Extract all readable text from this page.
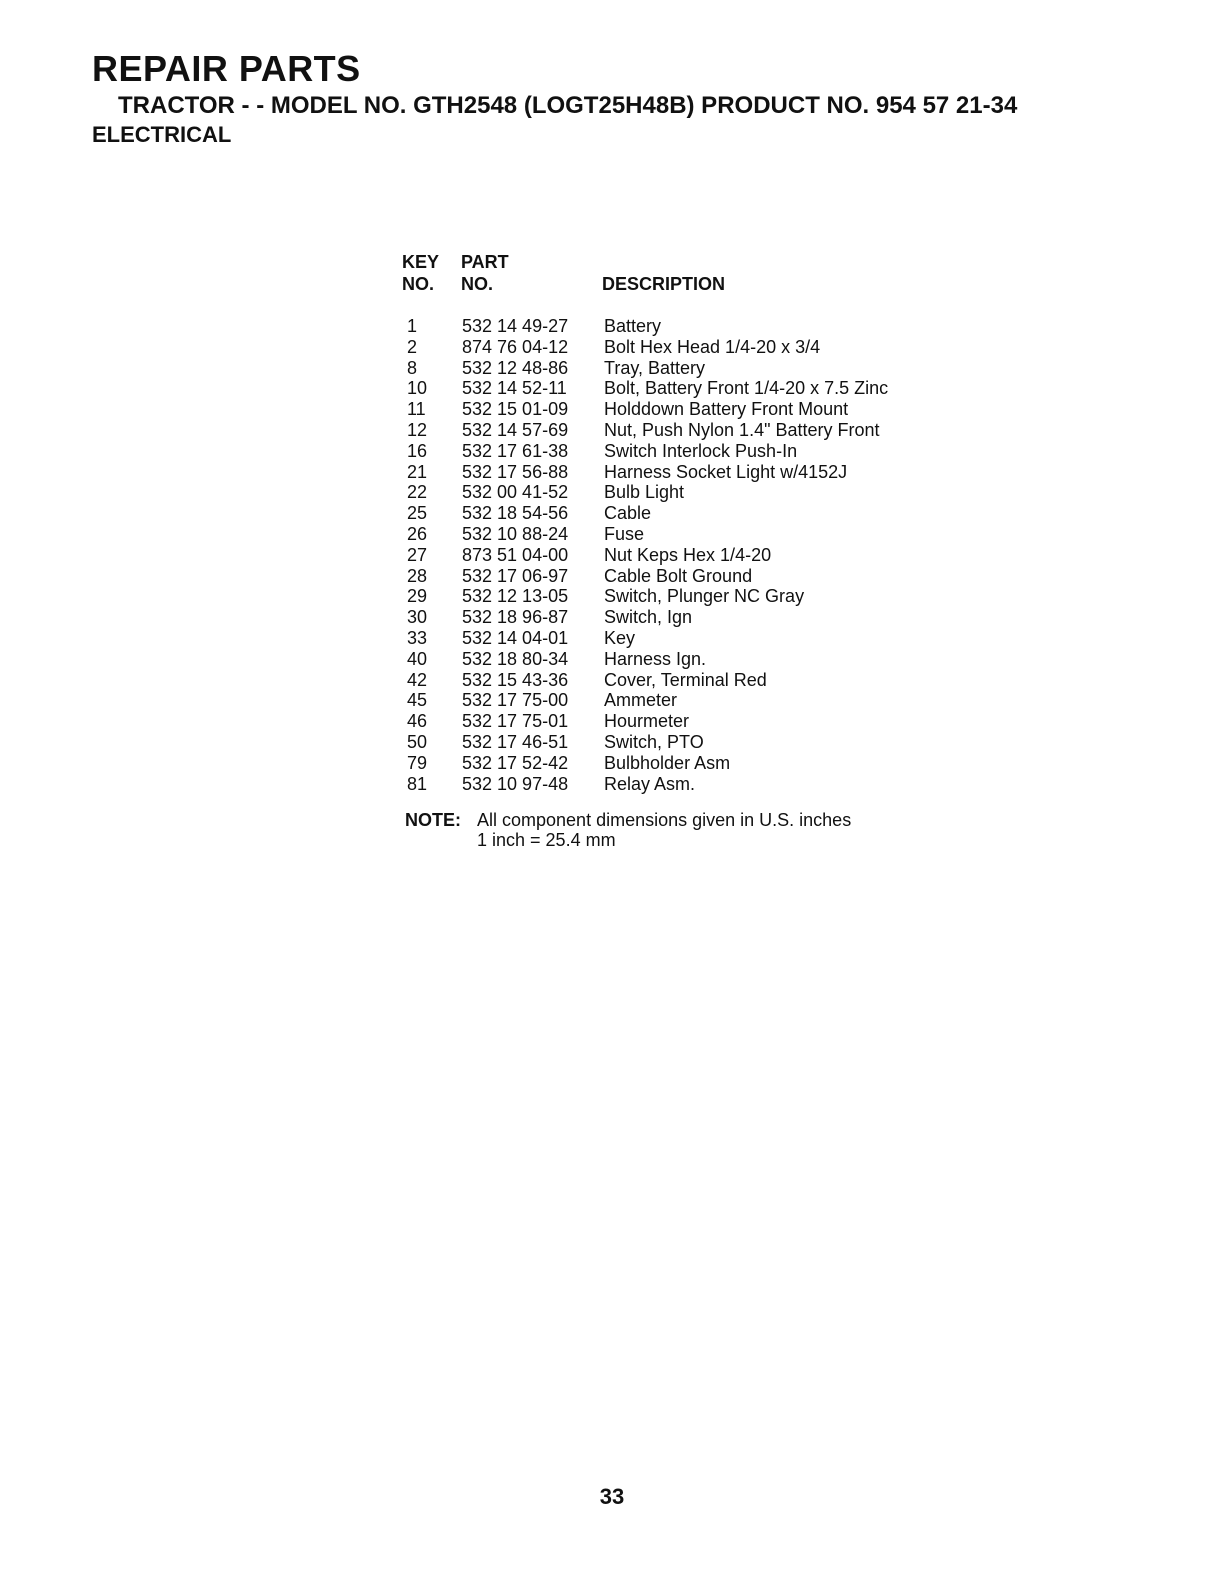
REPAIR PARTS
TRACTOR - - MODEL NO. GTH2548 (LOGT25H48B) PRODUCT NO. 954 57 21-34
ELECTRICAL
KEY
NO.
PART
NO.	DESCRIPTION
1 532 14 49-27 Battery
2 874 76 04-12 Bolt Hex Head 1/4-20 x 3/4
8 532 12 48-86 Tray, Battery
10 532 14 52-11 Bolt, Battery Front 1/4-20 x 7.5 Zinc
11 532 15 01-09 Holddown Battery Front Mount
12 532 14 57-69 Nut, Push Nylon 1.4" Battery Front
16 532 17 61-38 Switch Interlock Push-In
21 532 17 56-88 Harness Socket Light w/4152J
22 532 00 41-52 Bulb Light
25 532 18 54-56 Cable
26 532 10 88-24 Fuse
27 873 51 04-00 Nut Keps Hex 1/4-20
28 532 17 06-97 Cable Bolt Ground
29 532 12 13-05 Switch, Plunger NC Gray
30 532 18 96-87 Switch, Ign
33 532 14 04-01 Key
40 532 18 80-34 Harness Ign.
42 532 15 43-36 Cover, Terminal Red
45 532 17 75-00 Ammeter
46 532 17 75-01 Hourmeter
50 532 17 46-51 Switch, PTO
79 532 17 52-42 Bulbholder Asm
81 532 10 97-48 Relay Asm.
NOTE: All component dimensions given in U.S. inches
1 inch = 25.4 mm
33
